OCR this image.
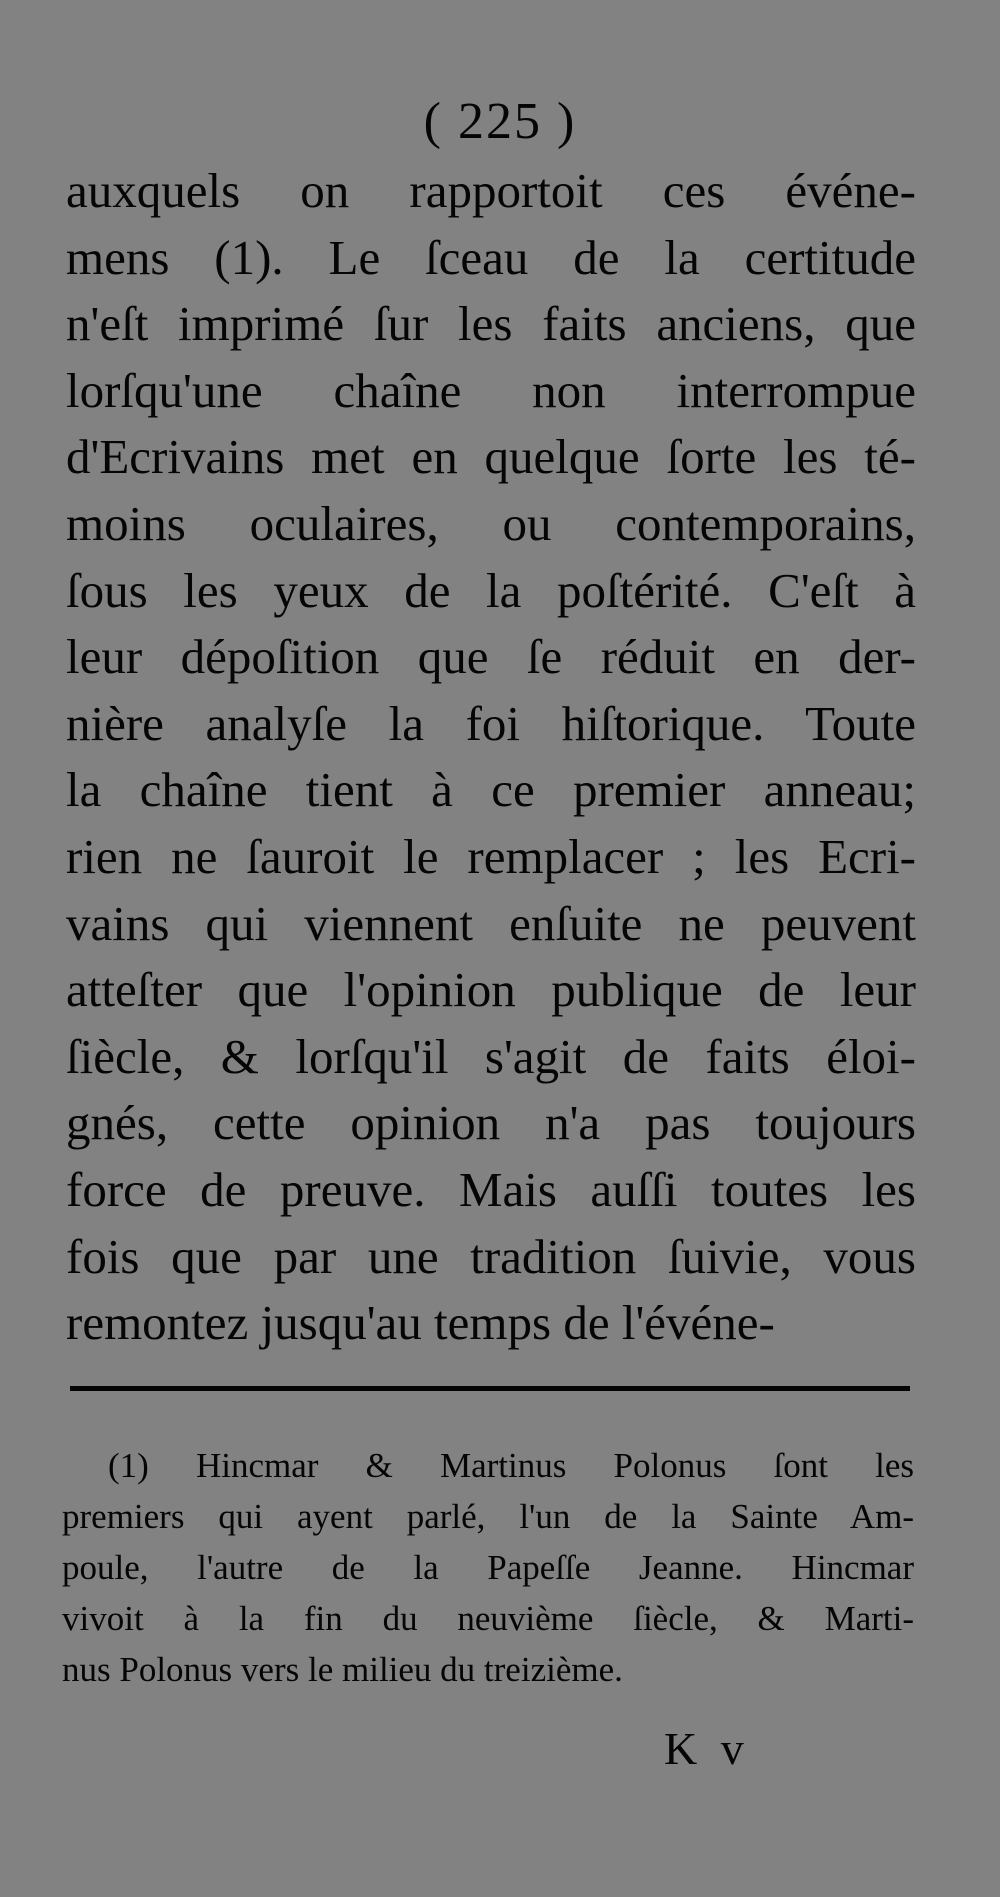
( 225 )
auxquels on rapportoit ces événe-
mens (1). Le ſceau de la certitude
n'eſt imprimé ſur les faits anciens, que
lorſqu'une chaîne non interrompue
d'Ecrivains met en quelque ſorte les té-
moins oculaires, ou contemporains,
ſous les yeux de la poſtérité. C'eſt à
leur dépoſition que ſe réduit en der-
nière analyſe la foi hiſtorique. Toute
la chaîne tient à ce premier anneau;
rien ne ſauroit le remplacer ; les Ecri-
vains qui viennent enſuite ne peuvent
atteſter que l'opinion publique de leur
ſiècle, & lorſqu'il s'agit de faits éloi-
gnés, cette opinion n'a pas toujours
force de preuve. Mais auſſi toutes les
fois que par une tradition ſuivie, vous
remontez jusqu'au temps de l'événe-
(1) Hincmar & Martinus Polonus ſont les
premiers qui ayent parlé, l'un de la Sainte Am-
poule, l'autre de la Papeſſe Jeanne. Hincmar
vivoit à la fin du neuvième ſiècle, & Marti-
nus Polonus vers le milieu du treizième.
K v
